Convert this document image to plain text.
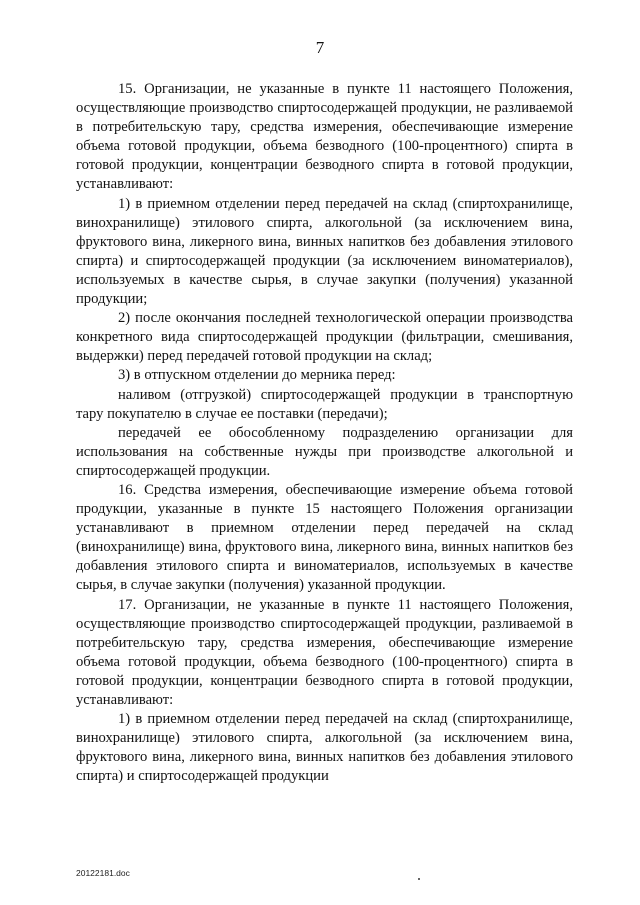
7

15. Организации, не указанные в пункте 11 настоящего Положения, осуществляющие производство спиртосодержащей продукции, не разливаемой в потребительскую тару, средства измерения, обеспечивающие измерение объема готовой продукции, объема безводного (100-процентного) спирта в готовой продукции, концентрации безводного спирта в готовой продукции, устанавливают:

1) в приемном отделении перед передачей на склад (спиртохранилище, винохранилище) этилового спирта, алкогольной (за исключением вина, фруктового вина, ликерного вина, винных напитков без добавления этилового спирта) и спиртосодержащей продукции (за исключением виноматериалов), используемых в качестве сырья, в случае закупки (получения) указанной продукции;

2) после окончания последней технологической операции производства конкретного вида спиртосодержащей продукции (фильтрации, смешивания, выдержки) перед передачей готовой продукции на склад;

3) в отпускном отделении до мерника перед:

наливом (отгрузкой) спиртосодержащей продукции в транспортную тару покупателю в случае ее поставки (передачи);

передачей ее обособленному подразделению организации для использования на собственные нужды при производстве алкогольной и спиртосодержащей продукции.

16. Средства измерения, обеспечивающие измерение объема готовой продукции, указанные в пункте 15 настоящего Положения организации устанавливают в приемном отделении перед передачей на склад (винохранилище) вина, фруктового вина, ликерного вина, винных напитков без добавления этилового спирта и виноматериалов, используемых в качестве сырья, в случае закупки (получения) указанной продукции.

17. Организации, не указанные в пункте 11 настоящего Положения, осуществляющие производство спиртосодержащей продукции, разливаемой в потребительскую тару, средства измерения, обеспечивающие измерение объема готовой продукции, объема безводного (100-процентного) спирта в готовой продукции, концентрации безводного спирта в готовой продукции, устанавливают:

1) в приемном отделении перед передачей на склад (спиртохранилище, винохранилище) этилового спирта, алкогольной (за исключением вина, фруктового вина, ликерного вина, винных напитков без добавления этилового спирта) и спиртосодержащей продукции

20122181.doc
